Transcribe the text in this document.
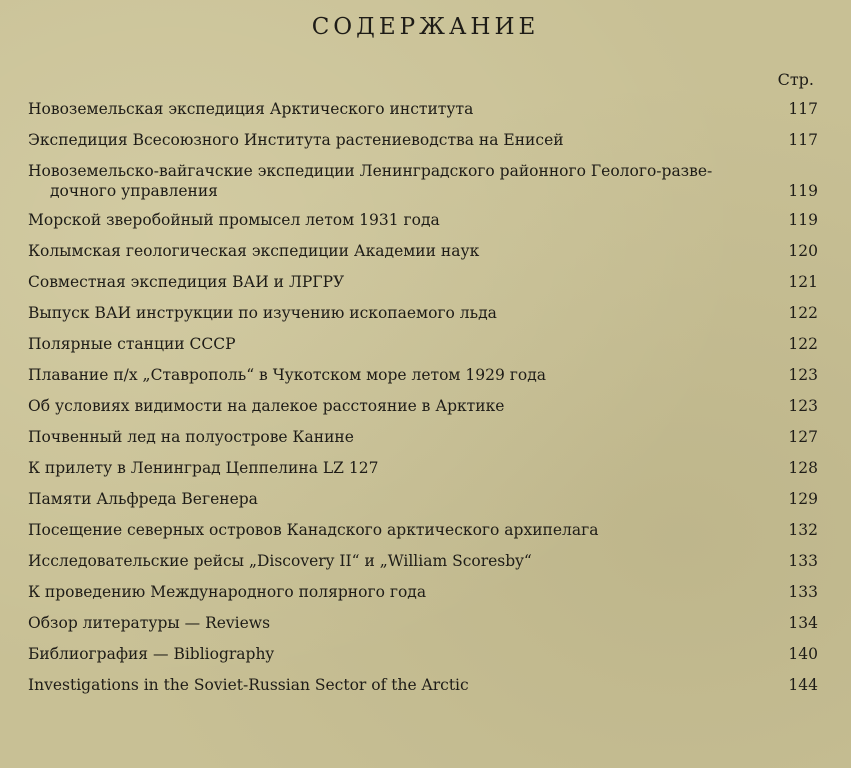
СОДЕРЖАНИЕ
Стр.
Новоземельская экспедиция Арктического института	117
Экспедиция Всесоюзного Института растениеводства на Енисей	117
Новоземельско-вайгачские экспедиции Ленинградского районного Геолого-разве-
дочного управления	119
Морской зверобойный промысел летом 1931 года	119
Колымская геологическая экспедиции Академии наук	120
Совместная экспедиция ВАИ и ЛРГРУ	121
Выпуск ВАИ инструкции по изучению ископаемого льда	122
Полярные станции СССР	122
Плавание п/х „Ставрополь“ в Чукотском море летом 1929 года	123
Об условиях видимости на далекое расстояние в Арктике	123
Почвенный лед на полуострове Канине	127
К прилету в Ленинград Цеппелина LZ 127	128
Памяти Альфреда Вегенера	129
Посещение северных островов Канадского арктического архипелага	132
Исследовательские рейсы „Discovery II“ и „William Scoresby“	133
К проведению Международного полярного года	133
Обзор литературы — Reviews	134
Библиография — Bibliography	140
Investigations in the Soviet-Russian Sector of the Arctic	144
